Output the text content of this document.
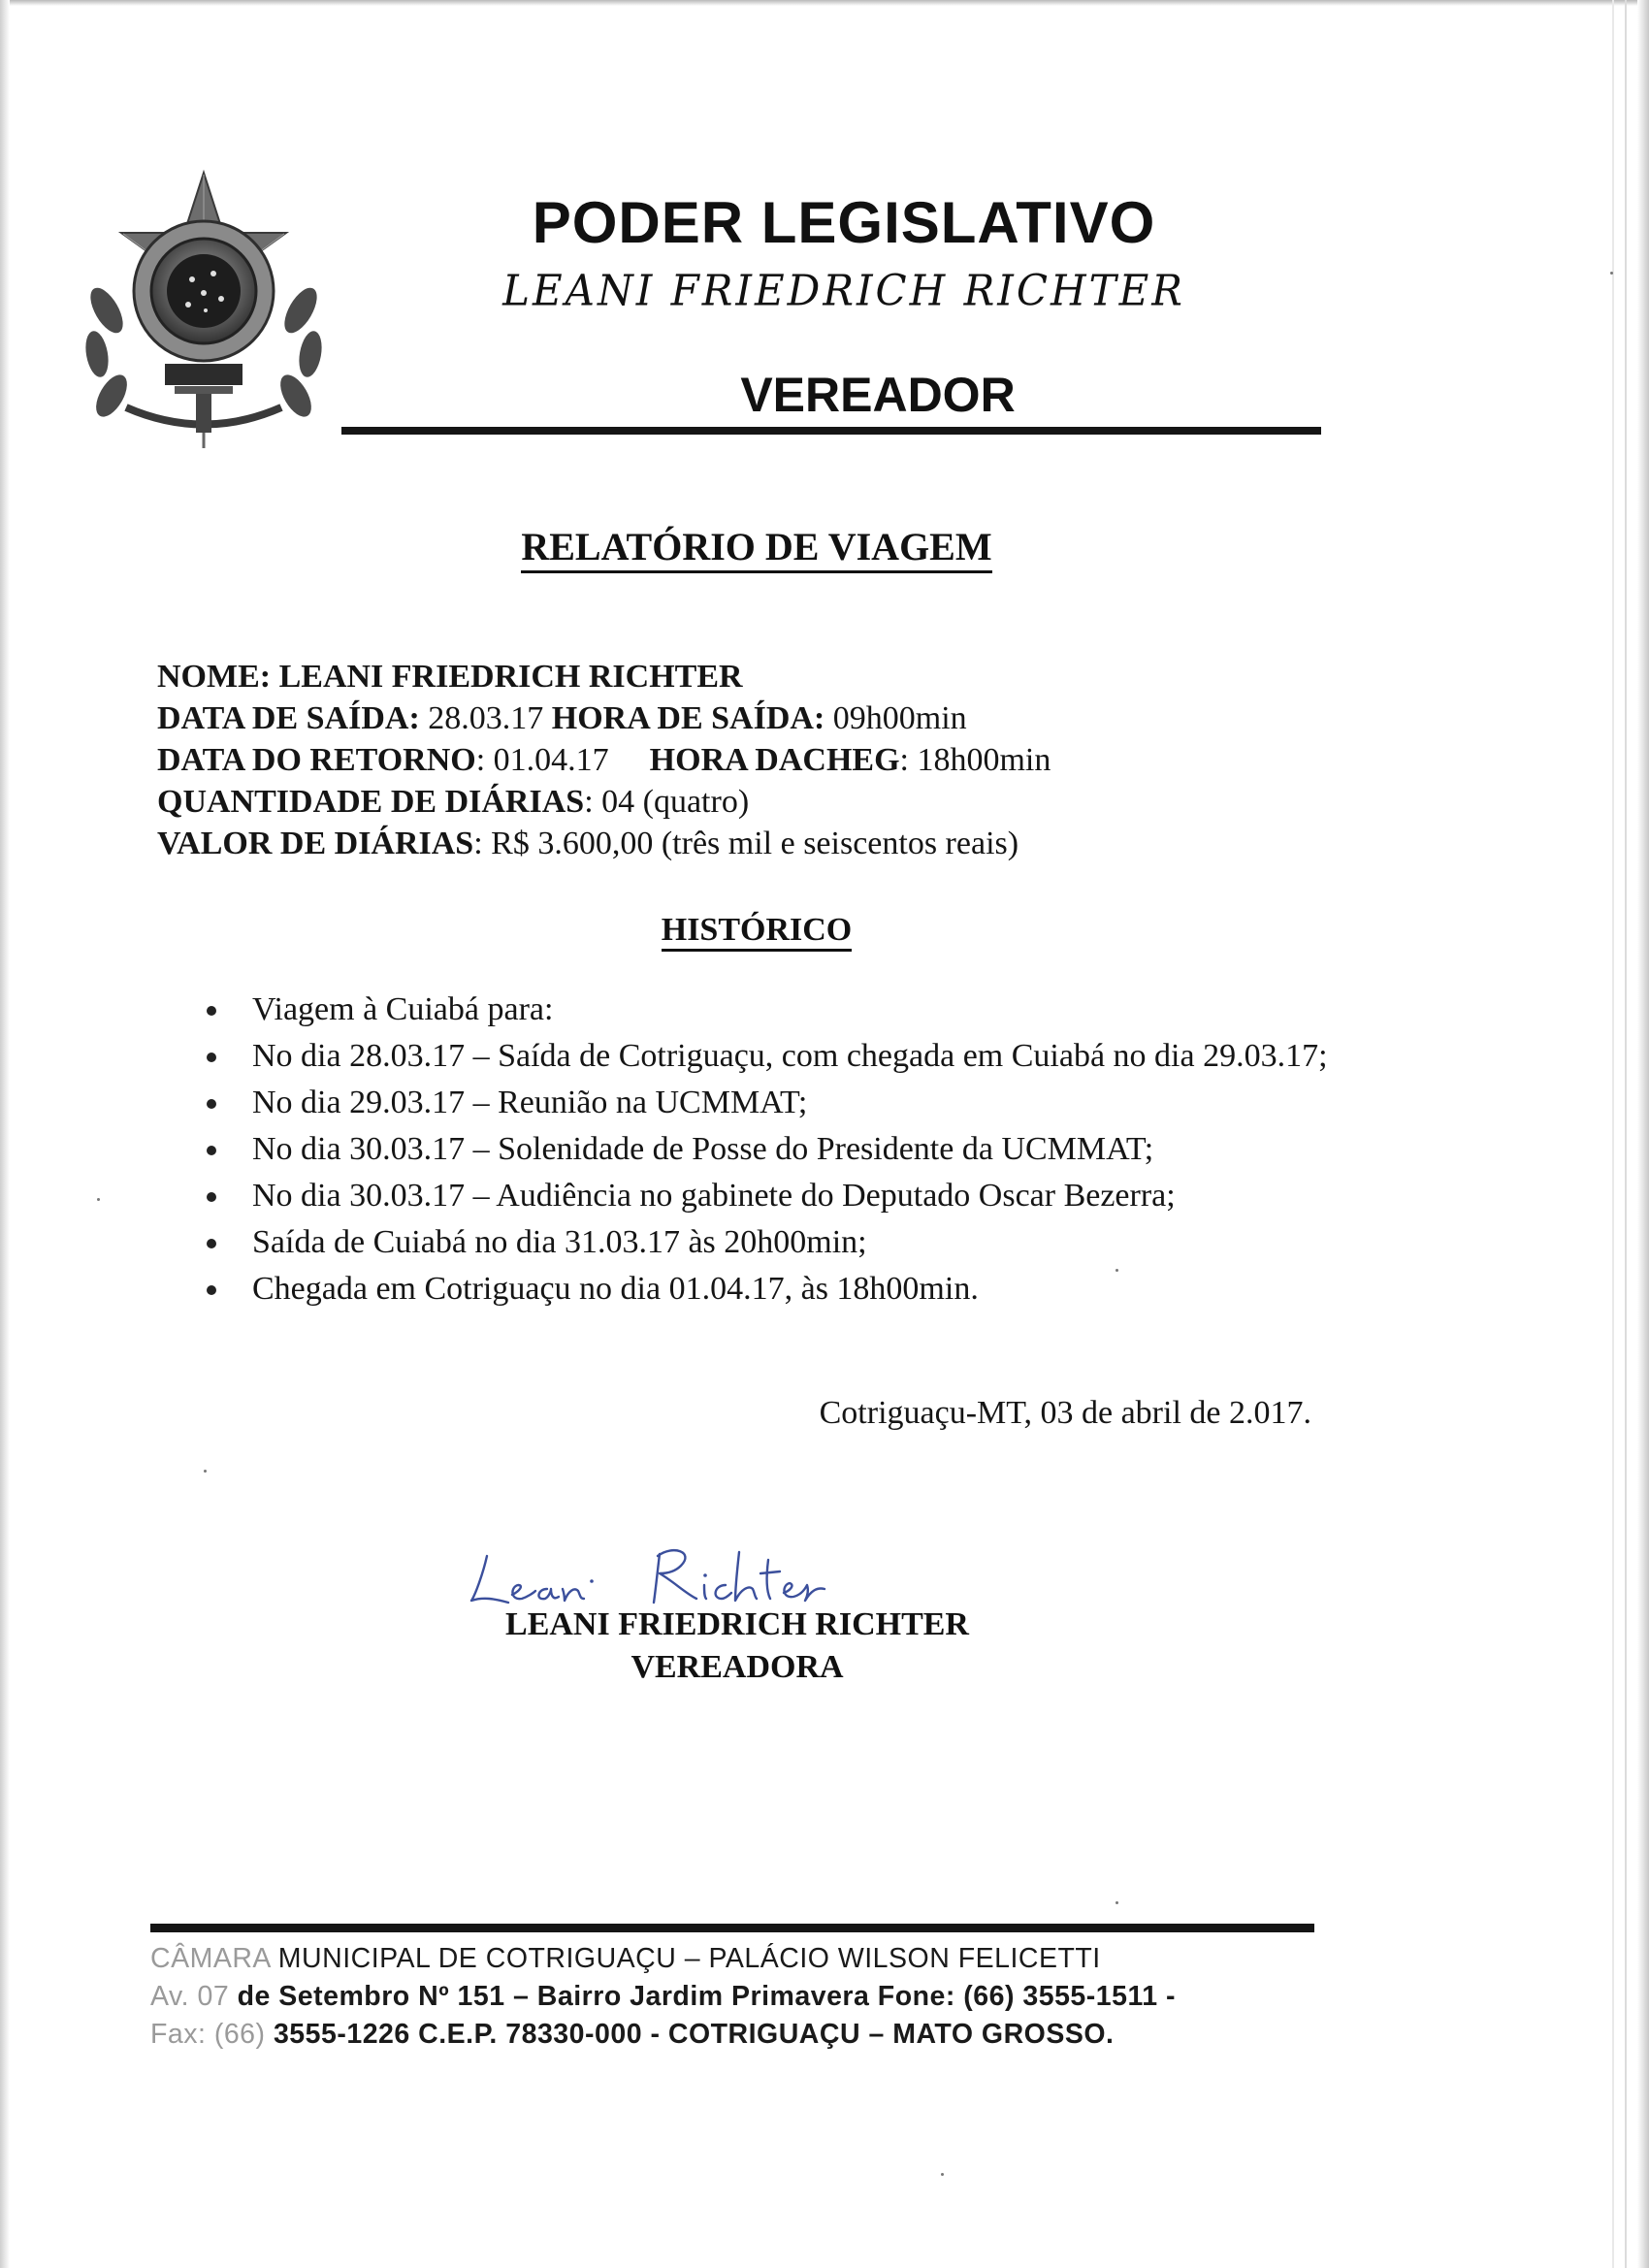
PODER LEGISLATIVO
LEANI FRIEDRICH RICHTER
VEREADOR
RELATÓRIO DE VIAGEM
NOME: LEANI FRIEDRICH RICHTER
DATA DE SAÍDA: 28.03.17 HORA DE SAÍDA: 09h00min
DATA DO RETORNO: 01.04.17 HORA DACHEG: 18h00min
QUANTIDADE DE DIÁRIAS: 04 (quatro)
VALOR DE DIÁRIAS: R$ 3.600,00 (três mil e seiscentos reais)
HISTÓRICO
Viagem à Cuiabá para:
No dia 28.03.17 – Saída de Cotriguaçu, com chegada em Cuiabá no dia 29.03.17;
No dia 29.03.17 – Reunião na UCMMAT;
No dia 30.03.17 – Solenidade de Posse do Presidente da UCMMAT;
No dia 30.03.17 – Audiência no gabinete do Deputado Oscar Bezerra;
Saída de Cuiabá no dia 31.03.17 às 20h00min;
Chegada em Cotriguaçu no dia 01.04.17, às 18h00min.
Cotriguaçu-MT, 03 de abril de 2.017.
LEANI FRIEDRICH RICHTER
VEREADORA
CÂMARA MUNICIPAL DE COTRIGUAÇU – PALÁCIO WILSON FELICETTI
Av. 07 de Setembro Nº 151 – Bairro Jardim Primavera Fone: (66) 3555-1511 -
Fax: (66) 3555-1226 C.E.P. 78330-000 - COTRIGUAÇU – MATO GROSSO.
